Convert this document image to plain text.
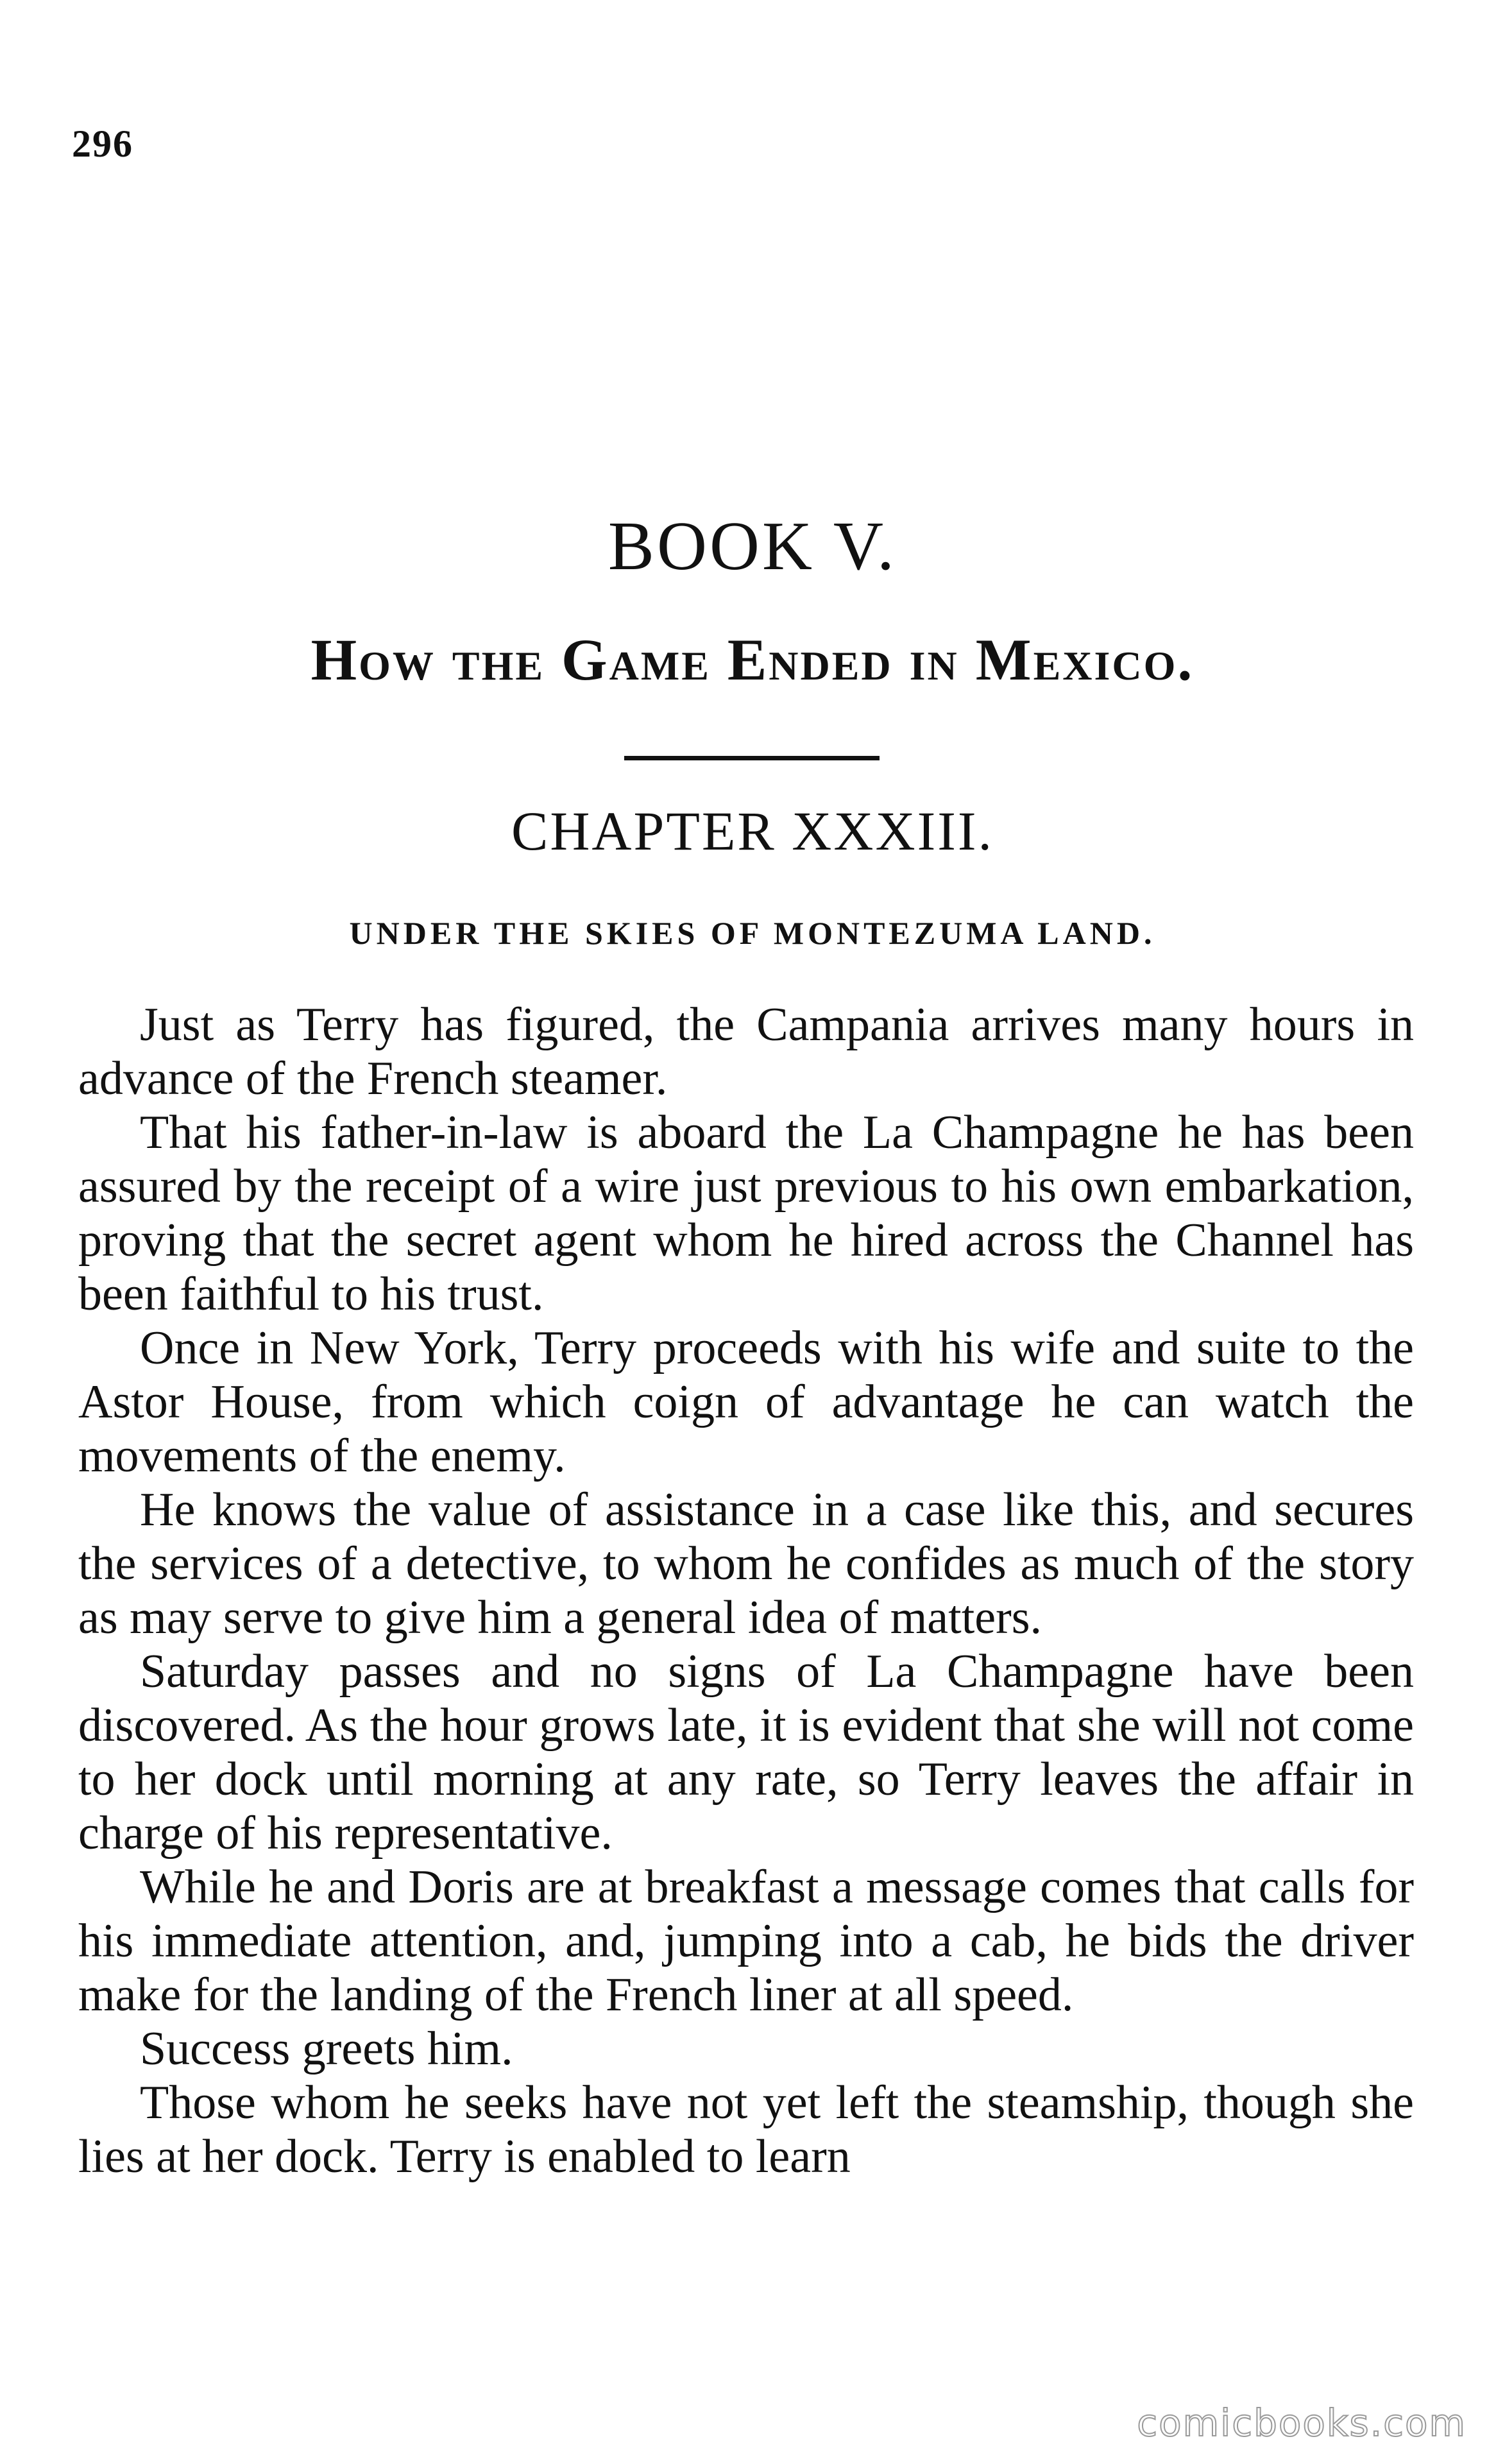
296
BOOK V.
How the Game Ended in Mexico.
CHAPTER XXXIII.
UNDER THE SKIES OF MONTEZUMA LAND.

Just as Terry has figured, the Campania arrives many hours in advance of the French steamer.

That his father-in-law is aboard the La Champagne he has been assured by the receipt of a wire just previous to his own embarkation, proving that the secret agent whom he hired across the Channel has been faithful to his trust.

Once in New York, Terry proceeds with his wife and suite to the Astor House, from which coign of advantage he can watch the movements of the enemy.

He knows the value of assistance in a case like this, and secures the services of a detective, to whom he confides as much of the story as may serve to give him a general idea of matters.

Saturday passes and no signs of La Champagne have been discovered. As the hour grows late, it is evident that she will not come to her dock until morning at any rate, so Terry leaves the affair in charge of his representative.

While he and Doris are at breakfast a message comes that calls for his immediate attention, and, jumping into a cab, he bids the driver make for the landing of the French liner at all speed.

Success greets him.

Those whom he seeks have not yet left the steamship, though she lies at her dock. Terry is enabled to learn

comicbooks.com
